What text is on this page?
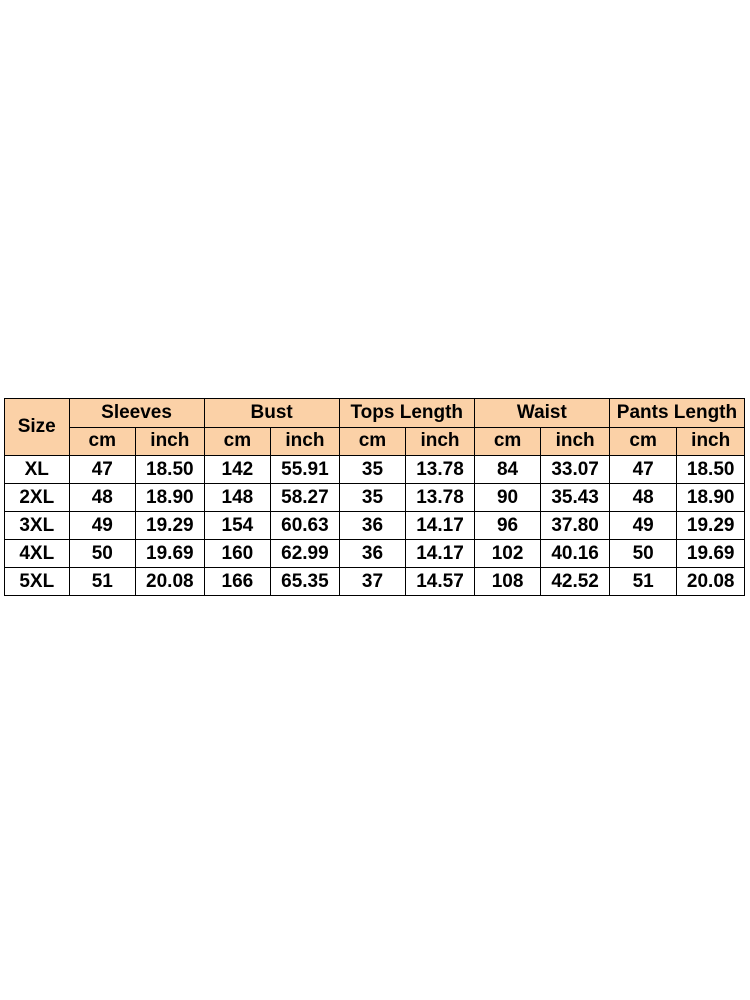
Size	Sleeves		Bust		Tops Length		Waist		Pants Length	
	cm	inch	cm	inch	cm	inch	cm	inch	cm	inch
XL	47	18.50	142	55.91	35	13.78	84	33.07	47	18.50
2XL	48	18.90	148	58.27	35	13.78	90	35.43	48	18.90
3XL	49	19.29	154	60.63	36	14.17	96	37.80	49	19.29
4XL	50	19.69	160	62.99	36	14.17	102	40.16	50	19.69
5XL	51	20.08	166	65.35	37	14.57	108	42.52	51	20.08
